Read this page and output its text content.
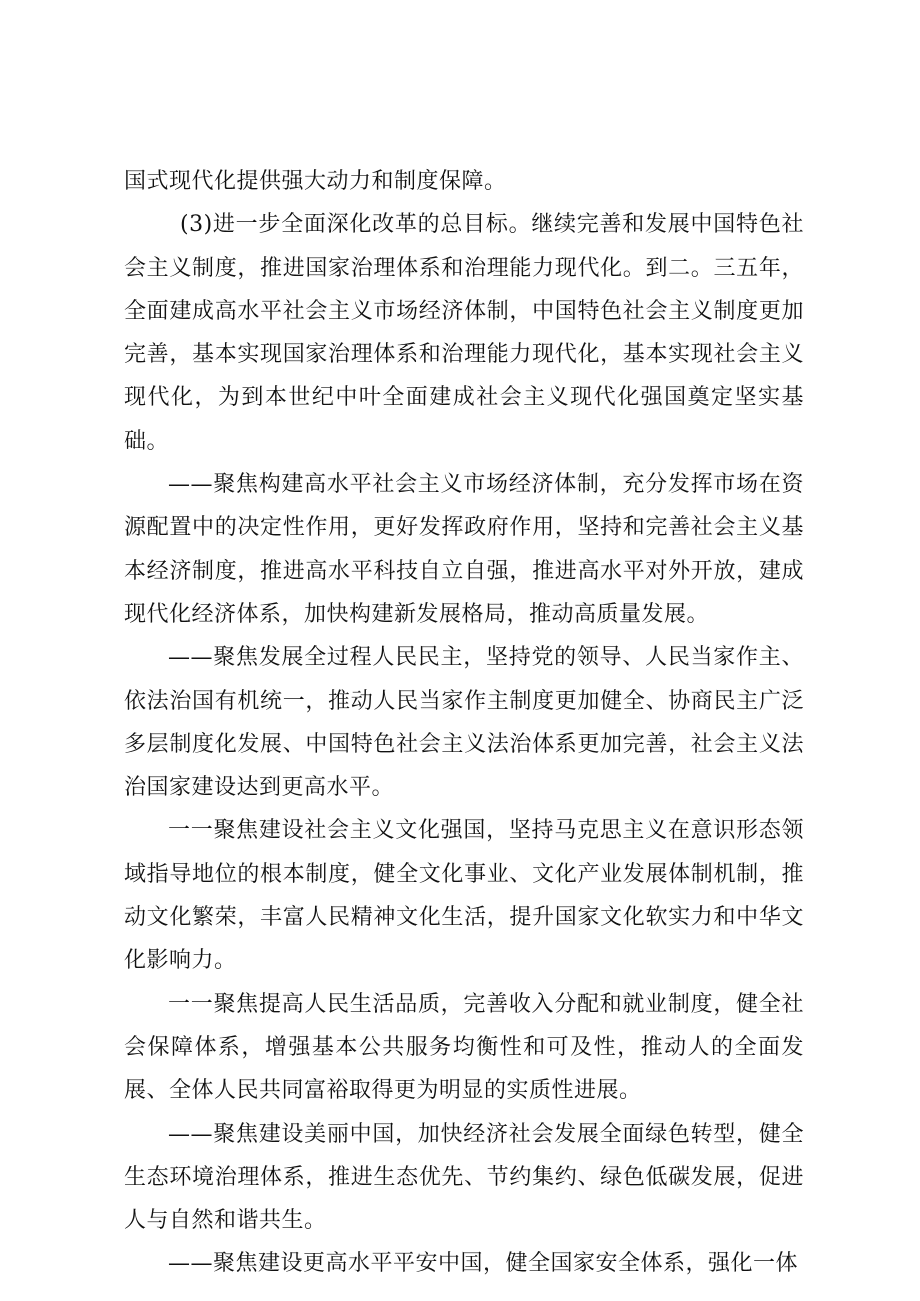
国式现代化提供强大动力和制度保障。

(3)进一步全面深化改革的总目标。继续完善和发展中国特色社会主义制度，推进国家治理体系和治理能力现代化。到二。三五年，全面建成高水平社会主义市场经济体制，中国特色社会主义制度更加完善，基本实现国家治理体系和治理能力现代化，基本实现社会主义现代化，为到本世纪中叶全面建成社会主义现代化强国奠定坚实基础。

——聚焦构建高水平社会主义市场经济体制，充分发挥市场在资源配置中的决定性作用，更好发挥政府作用，坚持和完善社会主义基本经济制度，推进高水平科技自立自强，推进高水平对外开放，建成现代化经济体系，加快构建新发展格局，推动高质量发展。

——聚焦发展全过程人民民主，坚持党的领导、人民当家作主、依法治国有机统一，推动人民当家作主制度更加健全、协商民主广泛多层制度化发展、中国特色社会主义法治体系更加完善，社会主义法治国家建设达到更高水平。

一一聚焦建设社会主义文化强国，坚持马克思主义在意识形态领域指导地位的根本制度，健全文化事业、文化产业发展体制机制，推动文化繁荣，丰富人民精神文化生活，提升国家文化软实力和中华文化影响力。

一一聚焦提高人民生活品质，完善收入分配和就业制度，健全社会保障体系，增强基本公共服务均衡性和可及性，推动人的全面发展、全体人民共同富裕取得更为明显的实质性进展。

——聚焦建设美丽中国，加快经济社会发展全面绿色转型，健全生态环境治理体系，推进生态优先、节约集约、绿色低碳发展，促进人与自然和谐共生。

——聚焦建设更高水平平安中国，健全国家安全体系，强化一体
